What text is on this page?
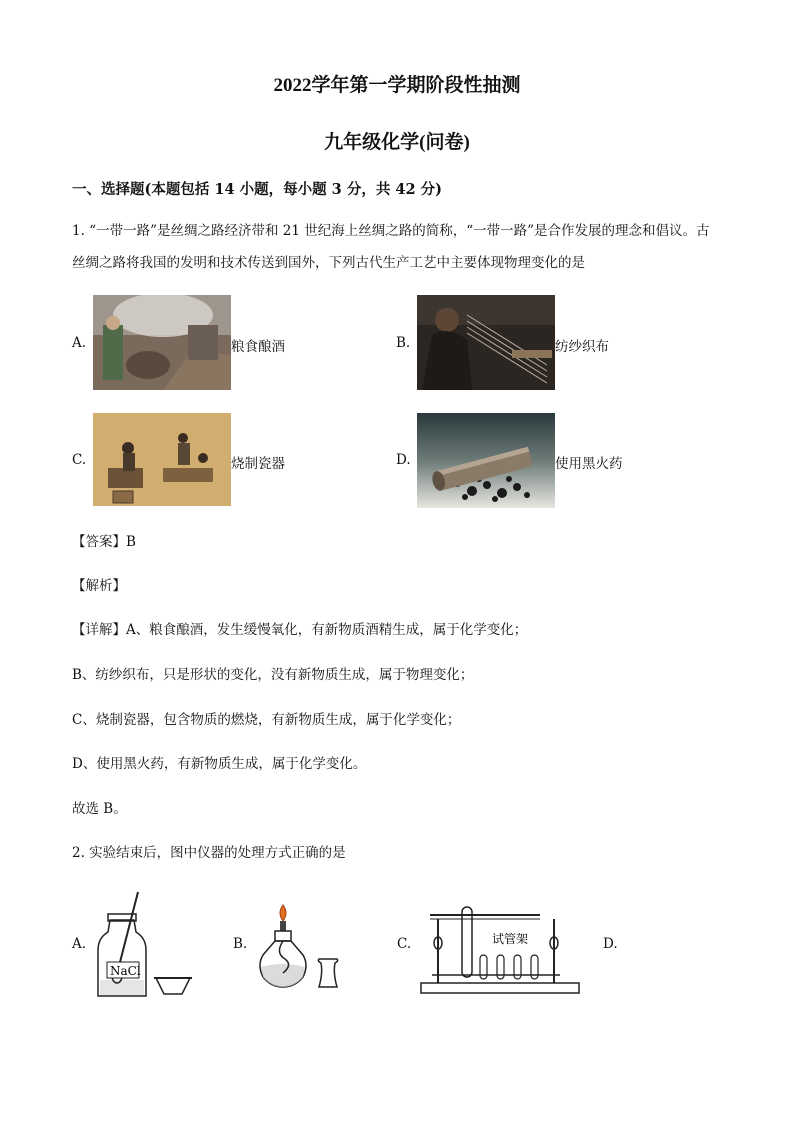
2022学年第一学期阶段性抽测
九年级化学(问卷)
一、选择题(本题包括 14 小题，每小题 3 分，共 42 分)
1. “一带一路”是丝绸之路经济带和 21 世纪海上丝绸之路的简称，“一带一路”是合作发展的理念和倡议。古
丝绸之路将我国的发明和技术传送到国外，下列古代生产工艺中主要体现物理变化的是
A.	粮食酿酒	B.	纺纱织布
C.	烧制瓷器	D.	使用黑火药
【答案】B
【解析】
【详解】A、粮食酿酒，发生缓慢氧化，有新物质酒精生成，属于化学变化；
B、纺纱织布，只是形状的变化，没有新物质生成，属于物理变化；
C、烧制瓷器，包含物质的燃烧，有新物质生成，属于化学变化；
D、使用黑火药，有新物质生成，属于化学变化。
故选 B。
2. 实验结束后，图中仪器的处理方式正确的是
A.
NaCl
B.	C.	试管架	D.
